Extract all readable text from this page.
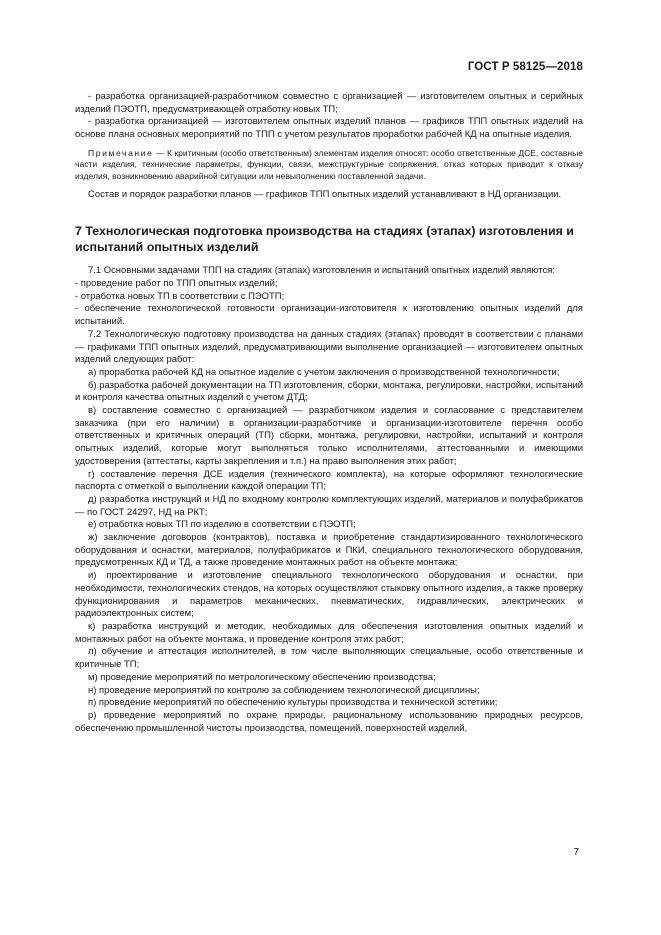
ГОСТ Р 58125—2018

- разработка организацией-разработчиком совместно с организацией — изготовителем опытных и серийных изделий ПЭОТП, предусматривающей отработку новых ТП;

- разработка организацией — изготовителем опытных изделий планов — графиков ТПП опытных изделий на основе плана основных мероприятий по ТПП с учетом результатов проработки рабочей КД на опытные изделия.

Примечание — К критичным (особо ответственным) элементам изделия относят: особо ответственные ДСЕ, составные части изделия, технические параметры, функции, связи, межструктурные сопряжения, отказ которых приводит к отказу изделия, возникновению аварийной ситуации или невыполнению поставленной задачи.

Состав и порядок разработки планов — графиков ТПП опытных изделий устанавливают в НД организации.

7 Технологическая подготовка производства на стадиях (этапах) изготовления и испытаний опытных изделий

7.1 Основными задачами ТПП на стадиях (этапах) изготовления и испытаний опытных изделий являются:

- проведение работ по ТПП опытных изделий;

- отработка новых ТП в соответствии с ПЭОТП;

- обеспечение технологической готовности организации-изготовителя к изготовлению опытных изделий для испытаний.

7.2 Технологическую подготовку производства на данных стадиях (этапах) проводят в соответствии с планами — графиками ТПП опытных изделий, предусматривающими выполнение организацией — изготовителем опытных изделий следующих работ:

а) проработка рабочей КД на опытное изделие с учетом заключения о производственной технологичности;

б) разработка рабочей документации на ТП изготовления, сборки, монтажа, регулировки, настройки, испытаний и контроля качества опытных изделий с учетом ДТД;

в) составление совместно с организацией — разработчиком изделия и согласование с представителем заказчика (при его наличии) в организации-разработчике и организации-изготовителе перечня особо ответственных и критичных операций (ТП) сборки, монтажа, регулировки, настройки, испытаний и контроля опытных изделий, которые могут выполняться только исполнителями, аттестованными и имеющими удостоверения (аттестаты, карты закрепления и т.п.) на право выполнения этих работ;

г) составление перечня ДСЕ изделия (технического комплекта), на которые оформляют технологические паспорта с отметкой о выполнении каждой операции ТП;

д) разработка инструкций и НД по входному контролю комплектующих изделий, материалов и полуфабрикатов — по ГОСТ 24297, НД на РКТ;

е) отработка новых ТП по изделию в соответствии с ПЭОТП;

ж) заключение договоров (контрактов), поставка и приобретение стандартизированного технологического оборудования и оснастки, материалов, полуфабрикатов и ПКИ, специального технологического оборудования, предусмотренных КД и ТД, а также проведение монтажных работ на объекте монтажа;

и) проектирование и изготовление специального технологического оборудования и оснастки, при необходимости, технологических стендов, на которых осуществляют стыковку опытного изделия, а также проверку функционирования и параметров механических, пневматических, гидравлических, электрических и радиоэлектронных систем;

к) разработка инструкций и методик, необходимых для обеспечения изготовления опытных изделий и монтажных работ на объекте монтажа, и проведение контроля этих работ;

л) обучение и аттестация исполнителей, в том числе выполняющих специальные, особо ответственные и критичные ТП;

м) проведение мероприятий по метрологическому обеспечению производства;

н) проведение мероприятий по контролю за соблюдением технологической дисциплины;

п) проведение мероприятий по обеспечению культуры производства и технической эстетики;

р) проведение мероприятий по охране природы, рациональному использованию природных ресурсов, обеспечению промышленной чистоты производства, помещений, поверхностей изделий,

7
